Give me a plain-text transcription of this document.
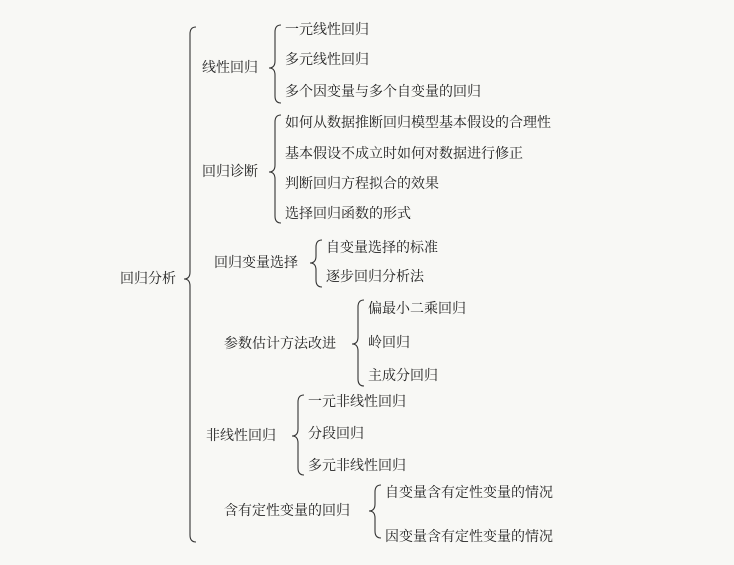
回归分析
线性回归
一元线性回归
多元线性回归
多个因变量与多个自变量的回归
回归诊断
如何从数据推断回归模型基本假设的合理性
基本假设不成立时如何对数据进行修正
判断回归方程拟合的效果
选择回归函数的形式
回归变量选择
自变量选择的标准
逐步回归分析法
参数估计方法改进
偏最小二乘回归
岭回归
主成分回归
非线性回归
一元非线性回归
分段回归
多元非线性回归
含有定性变量的回归
自变量含有定性变量的情况
因变量含有定性变量的情况
